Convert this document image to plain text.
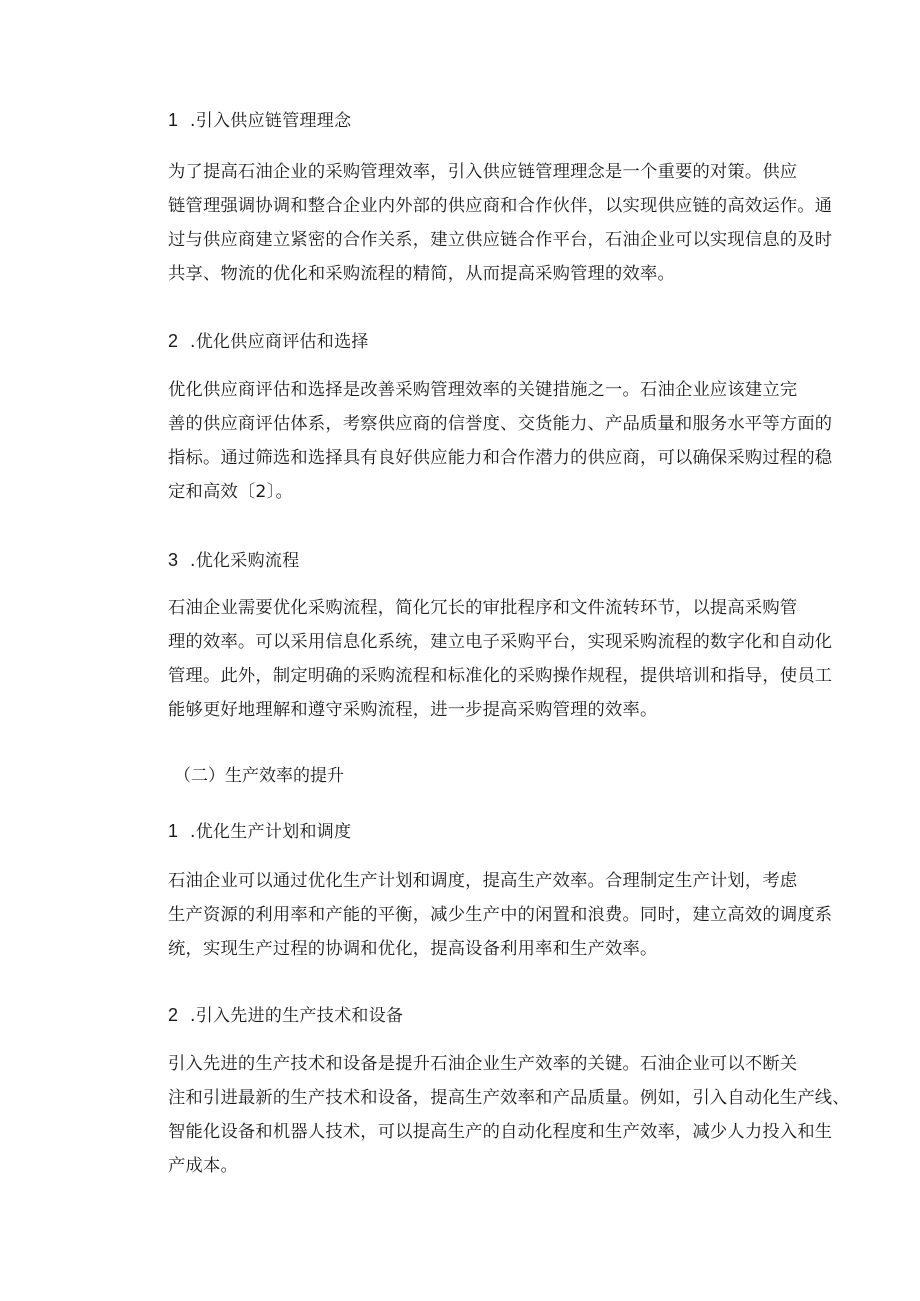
1 .引入供应链管理理念
为了提高石油企业的采购管理效率，引入供应链管理理念是一个重要的对策。供应
链管理强调协调和整合企业内外部的供应商和合作伙伴，以实现供应链的高效运作。通
过与供应商建立紧密的合作关系，建立供应链合作平台，石油企业可以实现信息的及时
共享、物流的优化和采购流程的精简，从而提高采购管理的效率。
2 .优化供应商评估和选择
优化供应商评估和选择是改善采购管理效率的关键措施之一。石油企业应该建立完
善的供应商评估体系，考察供应商的信誉度、交货能力、产品质量和服务水平等方面的
指标。通过筛选和选择具有良好供应能力和合作潜力的供应商，可以确保采购过程的稳
定和高效〔2〕。
3 .优化采购流程
石油企业需要优化采购流程，简化冗长的审批程序和文件流转环节，以提高采购管
理的效率。可以采用信息化系统，建立电子采购平台，实现采购流程的数字化和自动化
管理。此外，制定明确的采购流程和标准化的采购操作规程，提供培训和指导，使员工
能够更好地理解和遵守采购流程，进一步提高采购管理的效率。
（二）生产效率的提升
1 .优化生产计划和调度
石油企业可以通过优化生产计划和调度，提高生产效率。合理制定生产计划，考虑
生产资源的利用率和产能的平衡，减少生产中的闲置和浪费。同时，建立高效的调度系
统，实现生产过程的协调和优化，提高设备利用率和生产效率。
2 .引入先进的生产技术和设备
引入先进的生产技术和设备是提升石油企业生产效率的关键。石油企业可以不断关
注和引进最新的生产技术和设备，提高生产效率和产品质量。例如，引入自动化生产线、
智能化设备和机器人技术，可以提高生产的自动化程度和生产效率，减少人力投入和生
产成本。
